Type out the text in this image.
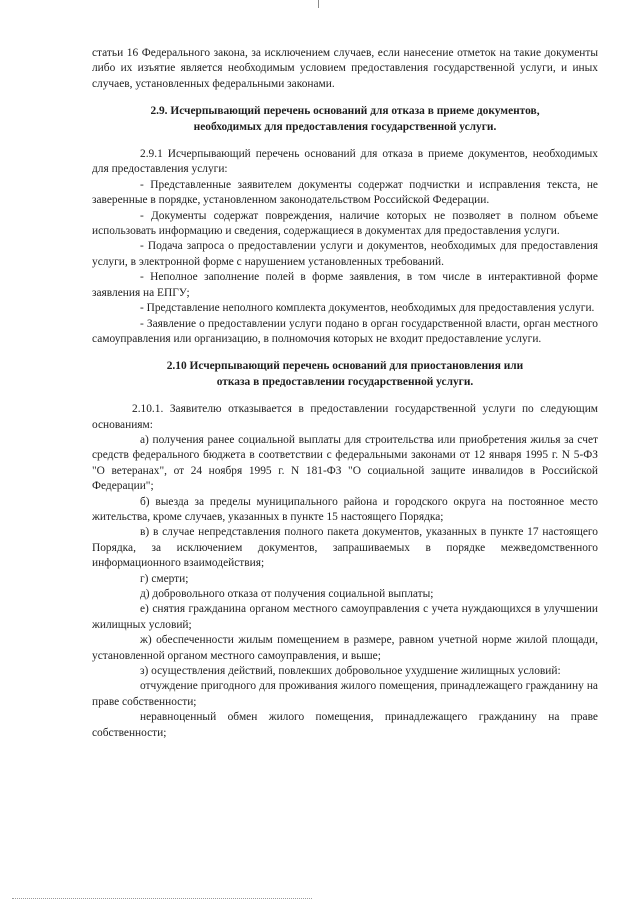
статьи 16 Федерального закона, за исключением случаев, если нанесение отметок на такие документы либо их изъятие является необходимым условием предоставления государственной услуги, и иных случаев, установленных федеральными законами.

2.9. Исчерпывающий перечень оснований для отказа в приеме документов,

необходимых для предоставления государственной услуги.

2.9.1 Исчерпывающий перечень оснований для отказа в приеме документов, необходимых для предоставления услуги:

- Представленные заявителем документы содержат подчистки и исправления текста, не заверенные в порядке, установленном законодательством Российской Федерации.

- Документы содержат повреждения, наличие которых не позволяет в полном объеме использовать информацию и сведения, содержащиеся в документах для предоставления услуги.

- Подача запроса о предоставлении услуги и документов, необходимых для предоставления услуги, в электронной форме с нарушением установленных требований.

- Неполное заполнение полей в форме заявления, в том числе в интерактивной форме заявления на ЕПГУ;

- Представление неполного комплекта документов, необходимых для предоставления услуги.

- Заявление о предоставлении услуги подано в орган государственной власти, орган местного самоуправления или организацию, в полномочия которых не входит предоставление услуги.

2.10 Исчерпывающий перечень оснований для приостановления или

отказа в предоставлении государственной услуги.

2.10.1. Заявителю отказывается в предоставлении государственной услуги по следующим основаниям:

а) получения ранее социальной выплаты для строительства или приобретения жилья за счет средств федерального бюджета в соответствии с федеральными законами от 12 января 1995 г. N 5-ФЗ "О ветеранах", от 24 ноября 1995 г. N 181-ФЗ "О социальной защите инвалидов в Российской Федерации";

б) выезда за пределы муниципального района и городского округа на постоянное место жительства, кроме случаев, указанных в пункте 15 настоящего Порядка;

в) в случае непредставления полного пакета документов, указанных в пункте 17 настоящего Порядка, за исключением документов, запрашиваемых в порядке межведомственного информационного взаимодействия;

г) смерти;

д) добровольного отказа от получения социальной выплаты;

е) снятия гражданина органом местного самоуправления с учета нуждающихся в улучшении жилищных условий;

ж) обеспеченности жилым помещением в размере, равном учетной норме жилой площади, установленной органом местного самоуправления, и выше;

з) осуществления действий, повлекших добровольное ухудшение жилищных условий:

отчуждение пригодного для проживания жилого помещения, принадлежащего гражданину на праве собственности;

неравноценный обмен жилого помещения, принадлежащего гражданину на праве собственности;
